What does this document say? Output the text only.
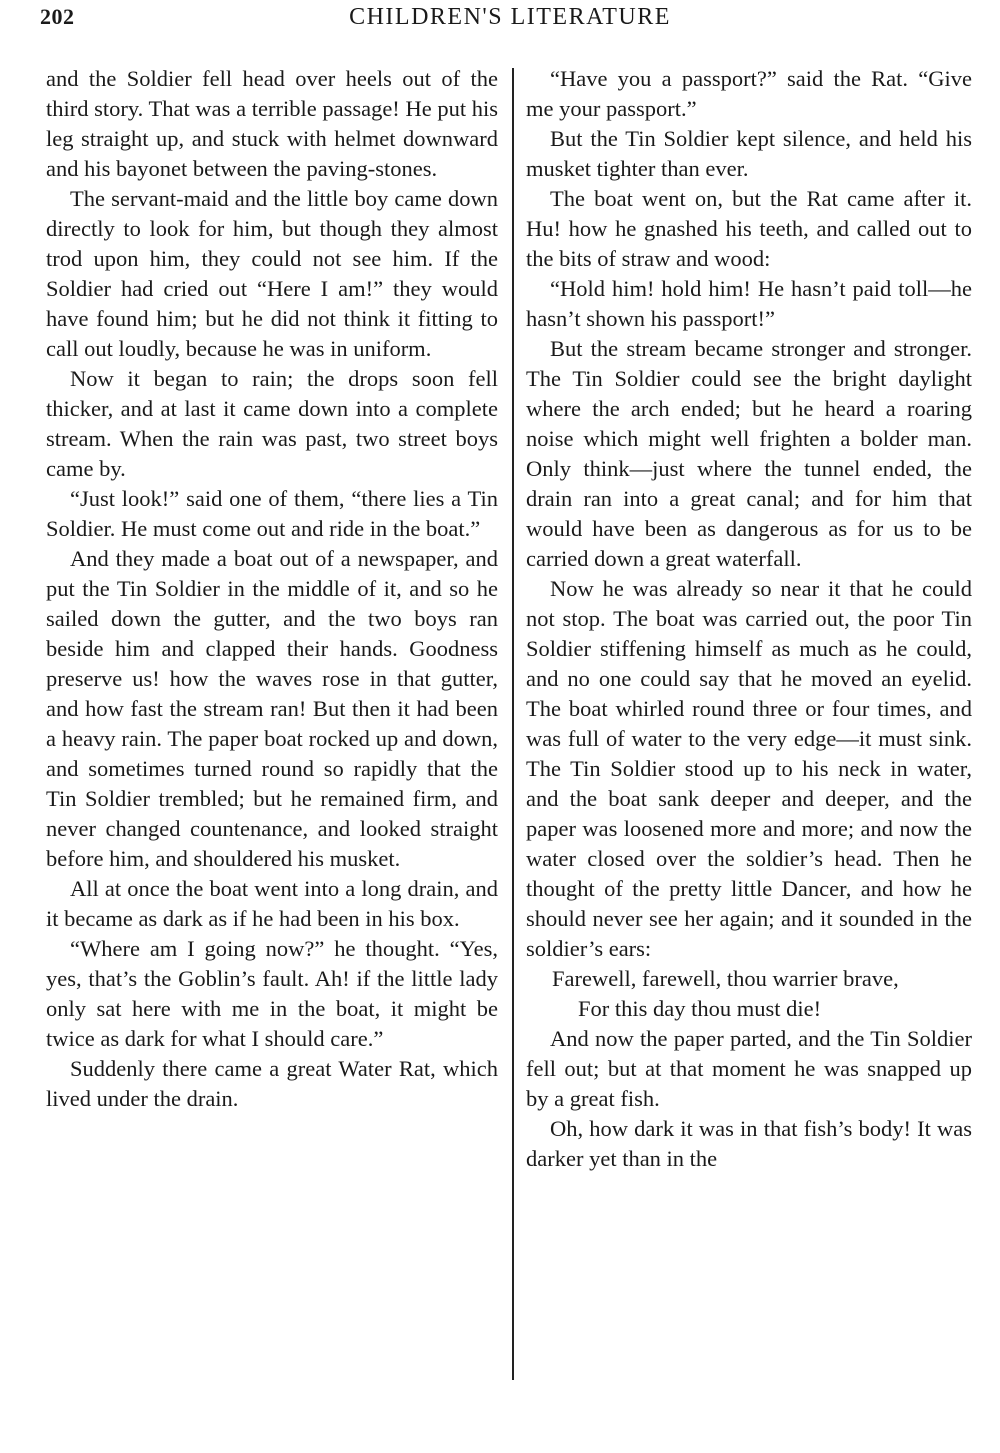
202	CHILDREN'S LITERATURE

and the Soldier fell head over heels out of the third story. That was a terrible passage! He put his leg straight up, and stuck with helmet downward and his bayonet between the paving-stones.

The servant-maid and the little boy came down directly to look for him, but though they almost trod upon him, they could not see him. If the Soldier had cried out “Here I am!” they would have found him; but he did not think it fitting to call out loudly, because he was in uniform.

Now it began to rain; the drops soon fell thicker, and at last it came down into a complete stream. When the rain was past, two street boys came by.

“Just look!” said one of them, “there lies a Tin Soldier. He must come out and ride in the boat.”

And they made a boat out of a newspaper, and put the Tin Soldier in the middle of it, and so he sailed down the gutter, and the two boys ran beside him and clapped their hands. Goodness preserve us! how the waves rose in that gutter, and how fast the stream ran! But then it had been a heavy rain. The paper boat rocked up and down, and sometimes turned round so rapidly that the Tin Soldier trembled; but he remained firm, and never changed countenance, and looked straight before him, and shouldered his musket.

All at once the boat went into a long drain, and it became as dark as if he had been in his box.

“Where am I going now?” he thought. “Yes, yes, that’s the Goblin’s fault. Ah! if the little lady only sat here with me in the boat, it might be twice as dark for what I should care.”

Suddenly there came a great Water Rat, which lived under the drain.

“Have you a passport?” said the Rat. “Give me your passport.”

But the Tin Soldier kept silence, and held his musket tighter than ever.

The boat went on, but the Rat came after it. Hu! how he gnashed his teeth, and called out to the bits of straw and wood:

“Hold him! hold him! He hasn’t paid toll—he hasn’t shown his passport!”

But the stream became stronger and stronger. The Tin Soldier could see the bright daylight where the arch ended; but he heard a roaring noise which might well frighten a bolder man. Only think—just where the tunnel ended, the drain ran into a great canal; and for him that would have been as dangerous as for us to be carried down a great waterfall.

Now he was already so near it that he could not stop. The boat was carried out, the poor Tin Soldier stiffening himself as much as he could, and no one could say that he moved an eyelid. The boat whirled round three or four times, and was full of water to the very edge—it must sink. The Tin Soldier stood up to his neck in water, and the boat sank deeper and deeper, and the paper was loosened more and more; and now the water closed over the soldier’s head. Then he thought of the pretty little Dancer, and how he should never see her again; and it sounded in the soldier’s ears:

Farewell, farewell, thou warrier brave,
For this day thou must die!

And now the paper parted, and the Tin Soldier fell out; but at that moment he was snapped up by a great fish.

Oh, how dark it was in that fish’s body! It was darker yet than in the
